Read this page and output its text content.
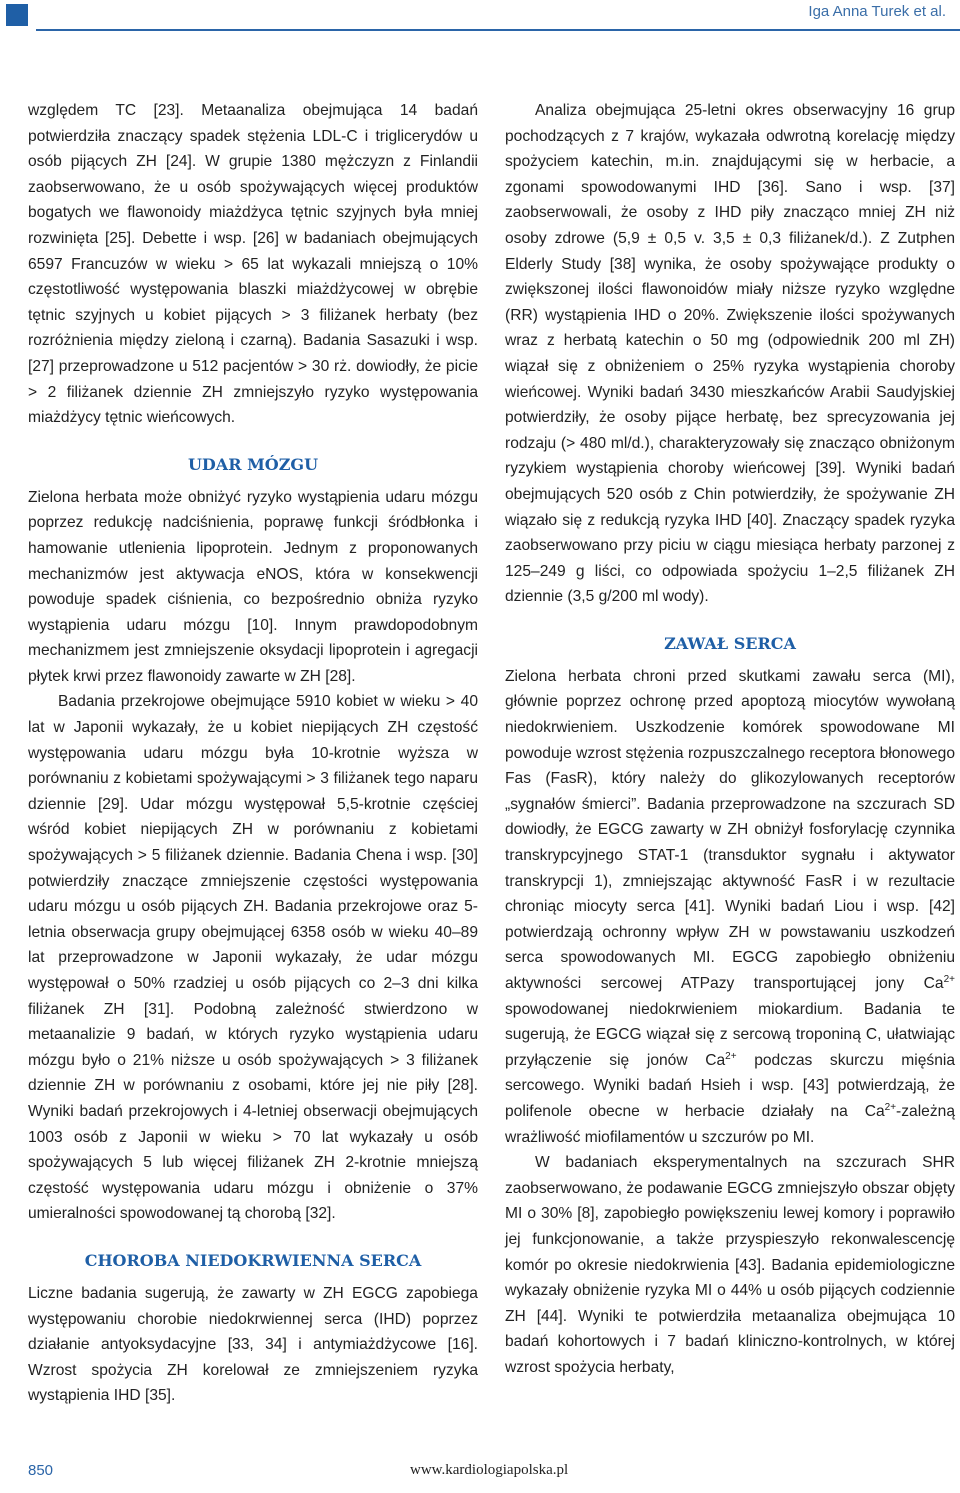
Iga Anna Turek et al.

względem TC [23]. Metaanaliza obejmująca 14 badań potwierdziła znaczący spadek stężenia LDL-C i triglicerydów u osób pijących ZH [24]. W grupie 1380 mężczyzn z Finlandii zaobserwowano, że u osób spożywających więcej produktów bogatych we flawonoidy miażdżyca tętnic szyjnych była mniej rozwinięta [25]. Debette i wsp. [26] w badaniach obejmujących 6597 Francuzów w wieku > 65 lat wykazali mniejszą o 10% częstotliwość występowania blaszki miażdżycowej w obrębie tętnic szyjnych u kobiet pijących > 3 filiżanek herbaty (bez rozróżnienia między zieloną i czarną). Badania Sasazuki i wsp. [27] przeprowadzone u 512 pacjentów > 30 rż. dowiodły, że picie > 2 filiżanek dziennie ZH zmniejszyło ryzyko występowania miażdżycy tętnic wieńcowych.

UDAR MÓZGU

Zielona herbata może obniżyć ryzyko wystąpienia udaru mózgu poprzez redukcję nadciśnienia, poprawę funkcji śródbłonka i hamowanie utlenienia lipoprotein. Jednym z proponowanych mechanizmów jest aktywacja eNOS, która w konsekwencji powoduje spadek ciśnienia, co bezpośrednio obniża ryzyko wystąpienia udaru mózgu [10]. Innym prawdopodobnym mechanizmem jest zmniejszenie oksydacji lipoprotein i agregacji płytek krwi przez flawonoidy zawarte w ZH [28].

Badania przekrojowe obejmujące 5910 kobiet w wieku > 40 lat w Japonii wykazały, że u kobiet niepijących ZH częstość występowania udaru mózgu była 10-krotnie wyższa w porównaniu z kobietami spożywającymi > 3 filiżanek tego naparu dziennie [29]. Udar mózgu występował 5,5-krotnie częściej wśród kobiet niepijących ZH w porównaniu z kobietami spożywających > 5 filiżanek dziennie. Badania Chena i wsp. [30] potwierdziły znaczące zmniejszenie częstości występowania udaru mózgu u osób pijących ZH. Badania przekrojowe oraz 5-letnia obserwacja grupy obejmującej 6358 osób w wieku 40–89 lat przeprowadzone w Japonii wykazały, że udar mózgu występował o 50% rzadziej u osób pijących co 2–3 dni kilka filiżanek ZH [31]. Podobną zależność stwierdzono w metaanalizie 9 badań, w których ryzyko wystąpienia udaru mózgu było o 21% niższe u osób spożywających > 3 filiżanek dziennie ZH w porównaniu z osobami, które jej nie piły [28]. Wyniki badań przekrojowych i 4-letniej obserwacji obejmujących 1003 osób z Japonii w wieku > 70 lat wykazały u osób spożywających 5 lub więcej filiżanek ZH 2-krotnie mniejszą częstość występowania udaru mózgu i obniżenie o 37% umieralności spowodowanej tą chorobą [32].

CHOROBA NIEDOKRWIENNA SERCA

Liczne badania sugerują, że zawarty w ZH EGCG zapobiega występowaniu chorobie niedokrwiennej serca (IHD) poprzez działanie antyoksydacyjne [33, 34] i antymiażdżycowe [16]. Wzrost spożycia ZH korelował ze zmniejszeniem ryzyka wystąpienia IHD [35].

Analiza obejmująca 25-letni okres obserwacyjny 16 grup pochodzących z 7 krajów, wykazała odwrotną korelację między spożyciem katechin, m.in. znajdującymi się w herbacie, a zgonami spowodowanymi IHD [36]. Sano i wsp. [37] zaobserwowali, że osoby z IHD piły znacząco mniej ZH niż osoby zdrowe (5,9 ± 0,5 v. 3,5 ± 0,3 filiżanek/d.). Z Zutphen Elderly Study [38] wynika, że osoby spożywające produkty o zwiększonej ilości flawonoidów miały niższe ryzyko względne (RR) wystąpienia IHD o 20%. Zwiększenie ilości spożywanych wraz z herbatą katechin o 50 mg (odpowiednik 200 ml ZH) wiązał się z obniżeniem o 25% ryzyka wystąpienia choroby wieńcowej. Wyniki badań 3430 mieszkańców Arabii Saudyjskiej potwierdziły, że osoby pijące herbatę, bez sprecyzowania jej rodzaju (> 480 ml/d.), charakteryzowały się znacząco obniżonym ryzykiem wystąpienia choroby wieńcowej [39]. Wyniki badań obejmujących 520 osób z Chin potwierdziły, że spożywanie ZH wiązało się z redukcją ryzyka IHD [40]. Znaczący spadek ryzyka zaobserwowano przy piciu w ciągu miesiąca herbaty parzonej z 125–249 g liści, co odpowiada spożyciu 1–2,5 filiżanek ZH dziennie (3,5 g/200 ml wody).

ZAWAŁ SERCA

Zielona herbata chroni przed skutkami zawału serca (MI), głównie poprzez ochronę przed apoptozą miocytów wywołaną niedokrwieniem. Uszkodzenie komórek spowodowane MI powoduje wzrost stężenia rozpuszczalnego receptora błonowego Fas (FasR), który należy do glikozylowanych receptorów „sygnałów śmierci”. Badania przeprowadzone na szczurach SD dowiodły, że EGCG zawarty w ZH obniżył fosforylację czynnika transkrypcyjnego STAT-1 (transduktor sygnału i aktywator transkrypcji 1), zmniejszając aktywność FasR i w rezultacie chroniąc miocyty serca [41]. Wyniki badań Liou i wsp. [42] potwierdzają ochronny wpływ ZH w powstawaniu uszkodzeń serca spowodowanych MI. EGCG zapobiegło obniżeniu aktywności sercowej ATPazy transportującej jony $Ca^{2+}$ spowodowanej niedokrwieniem miokardium. Badania te sugerują, że EGCG wiązał się z sercową troponiną C, ułatwiając przyłączenie się jonów $Ca^{2+}$ podczas skurczu mięśnia sercowego. Wyniki badań Hsieh i wsp. [43] potwierdzają, że polifenole obecne w herbacie działały na $Ca^{2+}$-zależną wrażliwość miofilamentów u szczurów po MI.

W badaniach eksperymentalnych na szczurach SHR zaobserwowano, że podawanie EGCG zmniejszyło obszar objęty MI o 30% [8], zapobiegło powiększeniu lewej komory i poprawiło jej funkcjonowanie, a także przyspieszyło rekonwalescencję komór po okresie niedokrwienia [43]. Badania epidemiologiczne wykazały obniżenie ryzyka MI o 44% u osób pijących codziennie ZH [44]. Wyniki te potwierdziła metaanaliza obejmująca 10 badań kohortowych i 7 badań kliniczno-kontrolnych, w której wzrost spożycia herbaty,

850	www.kardiologiapolska.pl
